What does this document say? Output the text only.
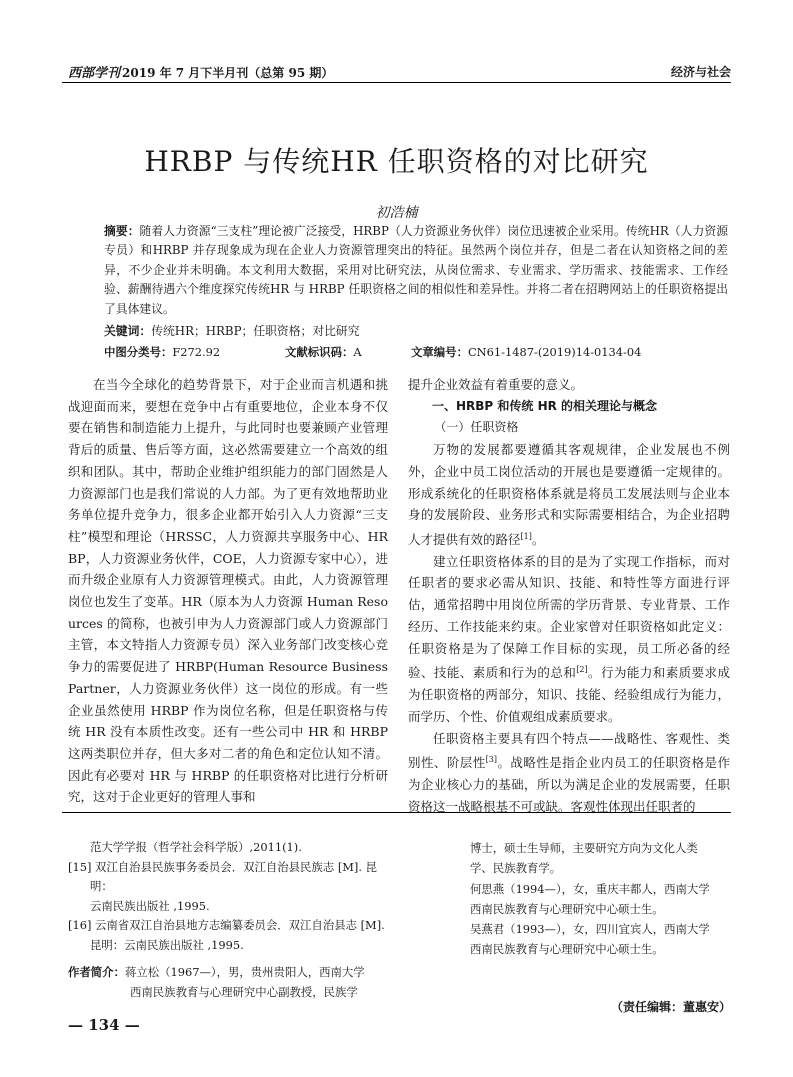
西部学刊 2019 年 7 月下半月刊（总第 95 期）	经济与社会
HRBP 与传统HR 任职资格的对比研究
初浩楠
摘要：随着人力资源“三支柱”理论被广泛接受，HRBP（人力资源业务伙伴）岗位迅速被企业采用。传统HR（人力资源专员）和HRBP 并存现象成为现在企业人力资源管理突出的特征。虽然两个岗位并存，但是二者在认知资格之间的差异，不少企业并未明确。本文利用大数据，采用对比研究法，从岗位需求、专业需求、学历需求、技能需求、工作经验、薪酬待遇六个维度探究传统HR 与 HRBP 任职资格之间的相似性和差异性。并将二者在招聘网站上的任职资格提出了具体建议。
关键词：传统HR；HRBP；任职资格；对比研究
中图分类号：F272.92	文献标识码：A	文章编号：CN61-1487-(2019)14-0134-04

在当今全球化的趋势背景下，对于企业而言机遇和挑战迎面而来，要想在竞争中占有重要地位，企业本身不仅要在销售和制造能力上提升，与此同时也要兼顾产业管理背后的质量、售后等方面，这必然需要建立一个高效的组织和团队。其中，帮助企业维护组织能力的部门固然是人力资源部门也是我们常说的人力部。为了更有效地帮助业务单位提升竞争力，很多企业都开始引入人力资源“三支柱”模型和理论（HRSSC，人力资源共享服务中心、HRBP，人力资源业务伙伴，COE，人力资源专家中心），进而升级企业原有人力资源管理模式。由此，人力资源管理岗位也发生了变革。HR（原本为人力资源 Human Resources 的简称，也被引申为人力资源部门或人力资源部门主管，本文特指人力资源专员）深入业务部门改变核心竞争力的需要促进了 HRBP(Human Resource Business Partner，人力资源业务伙伴）这一岗位的形成。有一些企业虽然使用 HRBP 作为岗位名称，但是任职资格与传统 HR 没有本质性改变。还有一些公司中 HR 和 HRBP 这两类职位并存，但大多对二者的角色和定位认知不清。因此有必要对 HR 与 HRBP 的任职资格对比进行分析研究，这对于企业更好的管理人事和

提升企业效益有着重要的意义。

一、HRBP 和传统 HR 的相关理论与概念

（一）任职资格

万物的发展都要遵循其客观规律，企业发展也不例外，企业中员工岗位活动的开展也是要遵循一定规律的。形成系统化的任职资格体系就是将员工发展法则与企业本身的发展阶段、业务形式和实际需要相结合，为企业招聘人才提供有效的路径[1]。

建立任职资格体系的目的是为了实现工作指标，而对任职者的要求必需从知识、技能、和特性等方面进行评估，通常招聘中用岗位所需的学历背景、专业背景、工作经历、工作技能来约束。企业家曾对任职资格如此定义：任职资格是为了保障工作目标的实现，员工所必备的经验、技能、素质和行为的总和[2]。行为能力和素质要求成为任职资格的两部分，知识、技能、经验组成行为能力，而学历、个性、价值观组成素质要求。

任职资格主要具有四个特点——战略性、客观性、类别性、阶层性[3]。战略性是指企业内员工的任职资格是作为企业核心力的基础，所以为满足企业的发展需要，任职资格这一战略根基不可或缺。客观性体现出任职者的

范大学学报（哲学社会科学版）,2011(1).
[15] 双江自治县民族事务委员会．双江自治县民族志 [M]. 昆明：
云南民族出版社 ,1995.
[16] 云南省双江自治县地方志编纂委员会．双江自治县志 [M].
昆明：云南民族出版社 ,1995.
作者简介：蒋立松（1967—），男，贵州贵阳人，西南大学
西南民族教育与心理研究中心副教授，民族学
博士，硕士生导师，主要研究方向为文化人类
学、民族教育学。
何思燕（1994—），女，重庆丰都人，西南大学
西南民族教育与心理研究中心硕士生。
吴燕君（1993—），女，四川宜宾人，西南大学
西南民族教育与心理研究中心硕士生。
（责任编辑：董惠安）
— 134 —
